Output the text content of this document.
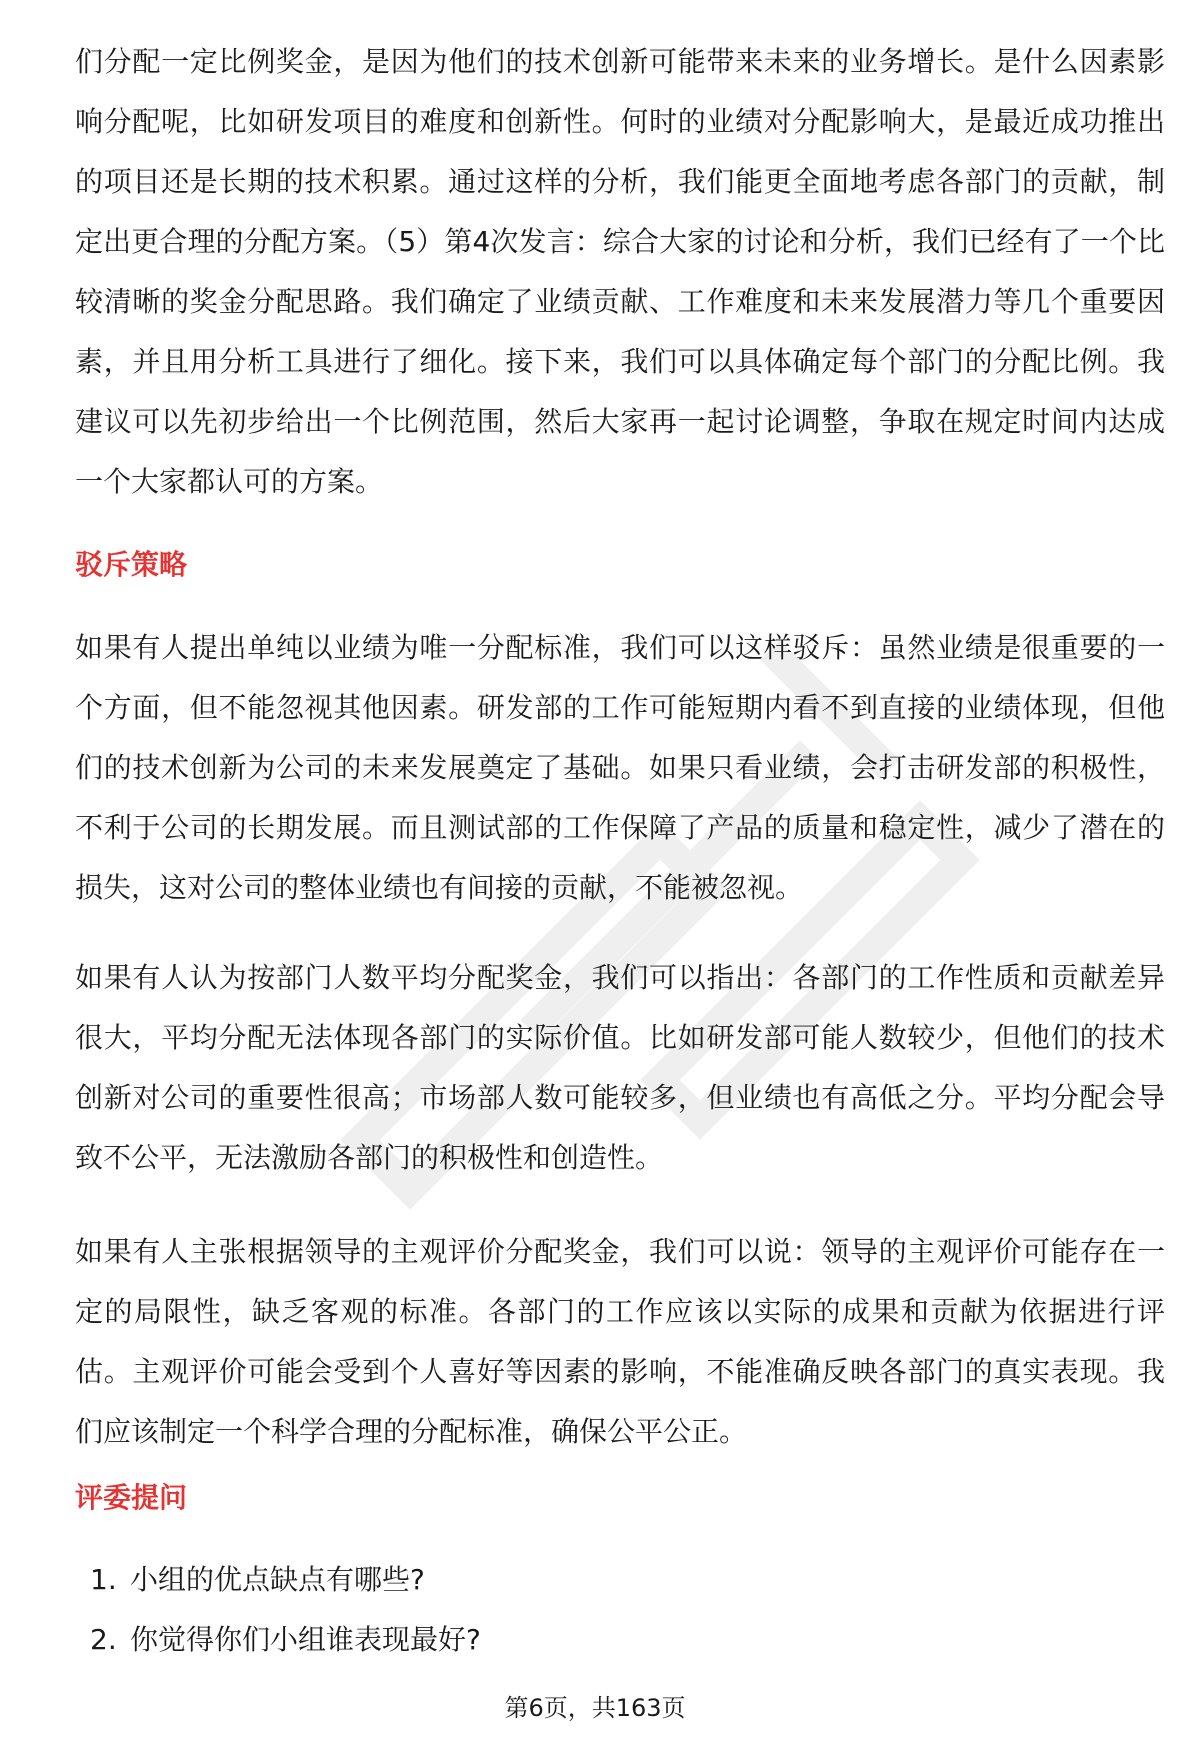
们分配一定比例奖金，是因为他们的技术创新可能带来未来的业务增长。是什么因素影响分配呢，比如研发项目的难度和创新性。何时的业绩对分配影响大，是最近成功推出的项目还是长期的技术积累。通过这样的分析，我们能更全面地考虑各部门的贡献，制定出更合理的分配方案。（5）第4次发言：综合大家的讨论和分析，我们已经有了一个比较清晰的奖金分配思路。我们确定了业绩贡献、工作难度和未来发展潜力等几个重要因素，并且用分析工具进行了细化。接下来，我们可以具体确定每个部门的分配比例。我建议可以先初步给出一个比例范围，然后大家再一起讨论调整，争取在规定时间内达成一个大家都认可的方案。

驳斥策略

如果有人提出单纯以业绩为唯一分配标准，我们可以这样驳斥：虽然业绩是很重要的一个方面，但不能忽视其他因素。研发部的工作可能短期内看不到直接的业绩体现，但他们的技术创新为公司的未来发展奠定了基础。如果只看业绩，会打击研发部的积极性，不利于公司的长期发展。而且测试部的工作保障了产品的质量和稳定性，减少了潜在的损失，这对公司的整体业绩也有间接的贡献，不能被忽视。

如果有人认为按部门人数平均分配奖金，我们可以指出：各部门的工作性质和贡献差异很大，平均分配无法体现各部门的实际价值。比如研发部可能人数较少，但他们的技术创新对公司的重要性很高；市场部人数可能较多，但业绩也有高低之分。平均分配会导致不公平，无法激励各部门的积极性和创造性。

如果有人主张根据领导的主观评价分配奖金，我们可以说：领导的主观评价可能存在一定的局限性，缺乏客观的标准。各部门的工作应该以实际的成果和贡献为依据进行评估。主观评价可能会受到个人喜好等因素的影响，不能准确反映各部门的真实表现。我们应该制定一个科学合理的分配标准，确保公平公正。

评委提问
1. 小组的优点缺点有哪些?
2. 你觉得你们小组谁表现最好?
第6页，共163页
